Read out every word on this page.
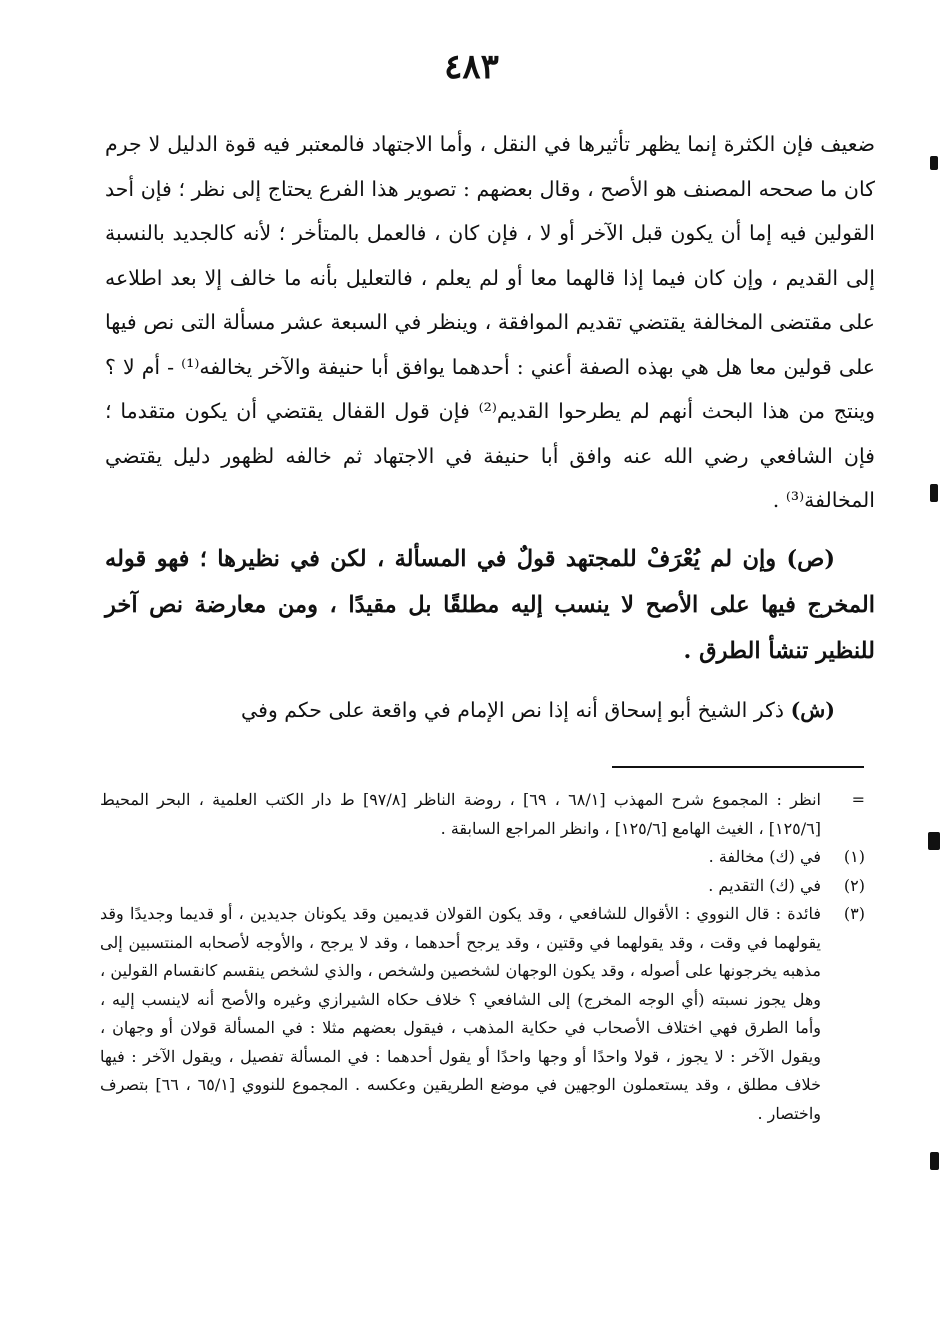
٤٨٣

ضعيف فإن الكثرة إنما يظهر تأثيرها في النقل ، وأما الاجتهاد فالمعتبر فيه قوة الدليل لا جرم كان ما صححه المصنف هو الأصح ، وقال بعضهم : تصوير هذا الفرع يحتاج إلى نظر ؛ فإن أحد القولين فيه إما أن يكون قبل الآخر أو لا ، فإن كان ، فالعمل بالمتأخر ؛ لأنه كالجديد بالنسبة إلى القديم ، وإن كان فيما إذا قالهما معا أو لم يعلم ، فالتعليل بأنه ما خالف إلا بعد اطلاعه على مقتضى المخالفة يقتضي تقديم الموافقة ، وينظر في السبعة عشر مسألة التى نص فيها على قولين معا هل هي بهذه الصفة أعني : أحدهما يوافق أبا حنيفة والآخر يخالفه⁽¹⁾ - أم لا ؟ وينتج من هذا البحث أنهم لم يطرحوا القديم⁽²⁾ فإن قول القفال يقتضي أن يكون متقدما ؛ فإن الشافعي رضي الله عنه وافق أبا حنيفة في الاجتهاد ثم خالفه لظهور دليل يقتضي المخالفة⁽³⁾ .

(ص) وإن لم يُعْرَفْ للمجتهد قولٌ في المسألة ، لكن في نظيرها ؛ فهو قوله المخرج فيها على الأصح لا ينسب إليه مطلقًا بل مقيدًا ، ومن معارضة نص آخر للنظير تنشأ الطرق .

(ش) ذكر الشيخ أبو إسحاق أنه إذا نص الإمام في واقعة على حكم وفي

=
انظر : المجموع شرح المهذب [٦٨/١ ، ٦٩] ، روضة الناظر [٩٧/٨] ط دار الكتب العلمية ، البحر المحيط [١٢٥/٦] ، الغيث الهامع [١٢٥/٦] ، وانظر المراجع السابقة .
(١)
في (ك) مخالفة .
(٢)
في (ك) التقديم .
(٣)
فائدة : قال النووي : الأقوال للشافعي ، وقد يكون القولان قديمين وقد يكونان جديدين ، أو قديما وجديدًا وقد يقولهما في وقت ، وقد يقولهما في وقتين ، وقد يرجح أحدهما ، وقد لا يرجح ، والأوجه لأصحابه المنتسبين إلى مذهبه يخرجونها على أصوله ، وقد يكون الوجهان لشخصين ولشخص ، والذي لشخص ينقسم كانقسام القولين ، وهل يجوز نسبته (أي الوجه المخرج) إلى الشافعي ؟ خلاف حكاه الشيرازي وغيره والأصح أنه لاينسب إليه ، وأما الطرق فهي اختلاف الأصحاب في حكاية المذهب ، فيقول بعضهم مثلا : في المسألة قولان أو وجهان ، ويقول الآخر : لا يجوز ، قولا واحدًا أو وجها واحدًا أو يقول أحدهما : في المسألة تفصيل ، ويقول الآخر : فيها خلاف مطلق ، وقد يستعملون الوجهين في موضع الطريقين وعكسه . المجموع للنووي [٦٥/١ ، ٦٦] بتصرف واختصار .
